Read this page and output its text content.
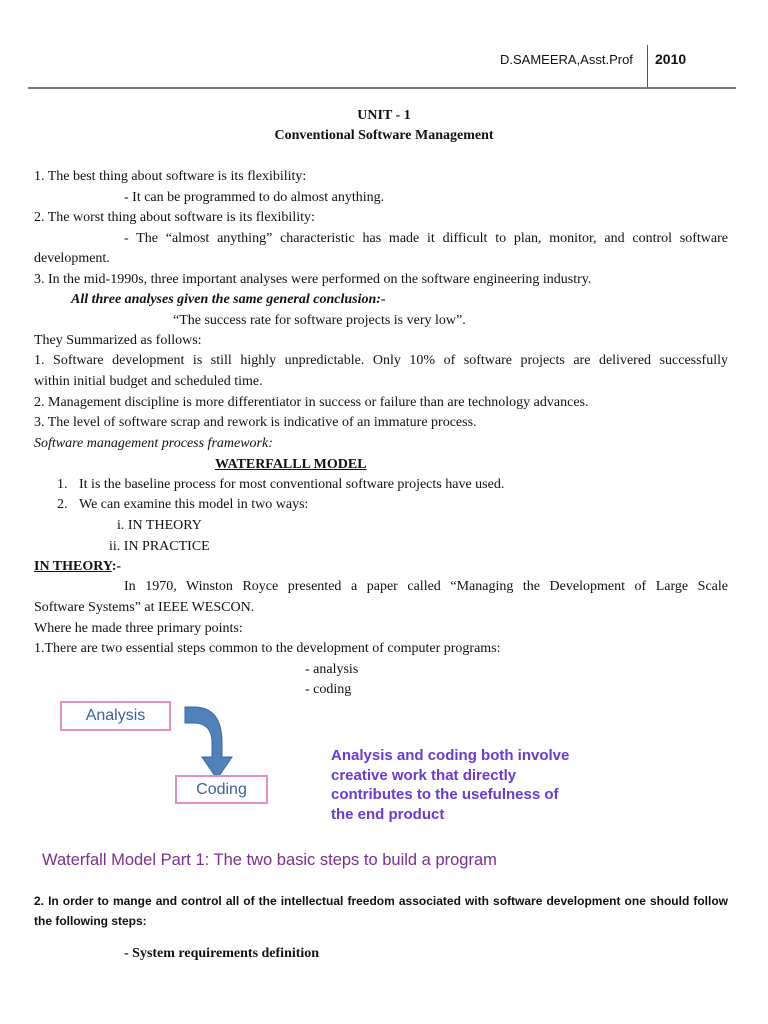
D.SAMEERA,Asst.Prof 2010
UNIT - 1
Conventional Software Management
1. The best thing about software is its flexibility:
- It can be programmed to do almost anything.
2. The worst thing about software is its flexibility:
- The “almost anything” characteristic has made it difficult to plan, monitor, and control software
development.
3. In the mid-1990s, three important analyses were performed on the software engineering industry.
All three analyses given the same general conclusion:-
“The success rate for software projects is very low”.
They Summarized as follows:
1. Software development is still highly unpredictable. Only 10% of software projects are delivered successfully
within initial budget and scheduled time.
2. Management discipline is more differentiator in success or failure than are technology advances.
3. The level of software scrap and rework is indicative of an immature process.
Software management process framework:
WATERFALLL MODEL
1. It is the baseline process for most conventional software projects have used.
2. We can examine this model in two ways:
i. IN THEORY
ii. IN PRACTICE
IN THEORY:-
In 1970, Winston Royce presented a paper called “Managing the Development of Large Scale
Software Systems” at IEEE WESCON.
Where he made three primary points:
1.There are two essential steps common to the development of computer programs:
- analysis
- coding
Analysis
Coding
Analysis and coding both involve
creative work that directly
contributes to the usefulness of
the end product
Waterfall Model Part 1: The two basic steps to build a program
2. In order to mange and control all of the intellectual freedom associated with software development one should follow
the following steps:
- System requirements definition
